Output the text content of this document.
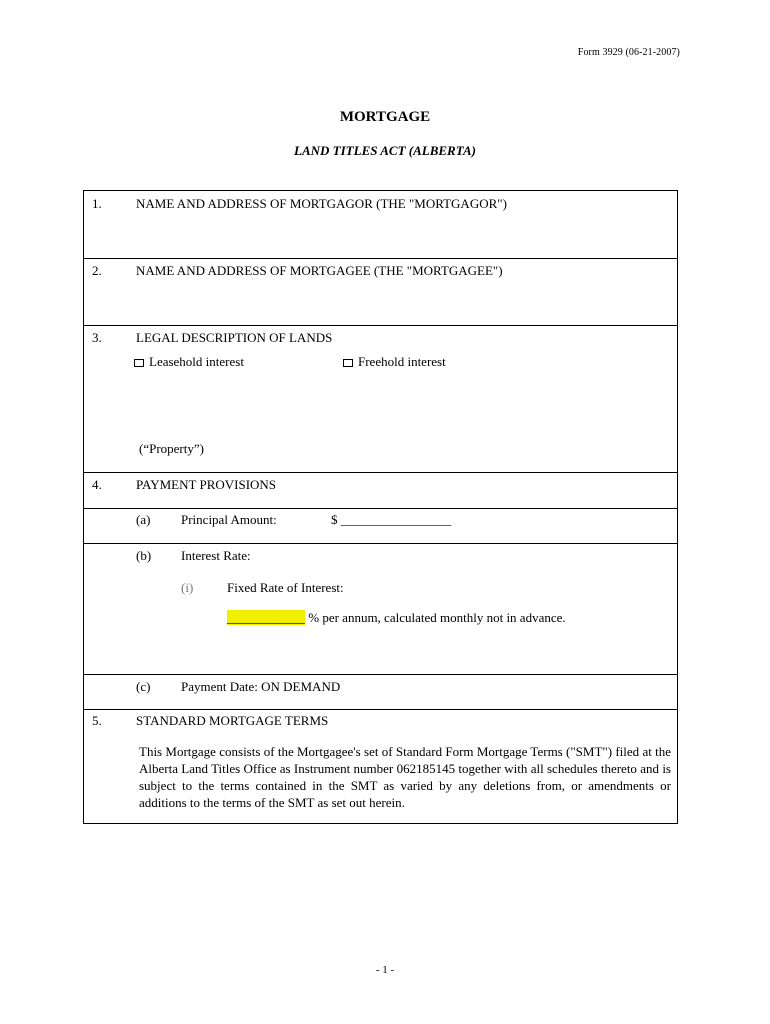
Form 3929 (06-21-2007)
MORTGAGE
LAND TITLES ACT (ALBERTA)
1.	NAME AND ADDRESS OF MORTGAGOR (THE "MORTGAGOR")
2.	NAME AND ADDRESS OF MORTGAGEE (THE "MORTGAGEE")
3.	LEGAL DESCRIPTION OF LANDS
Leasehold interest	Freehold interest
(“Property”)
4.	PAYMENT PROVISIONS
(a) Principal Amount:	$ _________________
(b) Interest Rate:
(i)	Fixed Rate of Interest:
____________ % per annum, calculated monthly not in advance.
(c) Payment Date: ON DEMAND
5.	STANDARD MORTGAGE TERMS
This Mortgage consists of the Mortgagee's set of Standard Form Mortgage Terms ("SMT") filed at the Alberta Land Titles Office as Instrument number 062185145 together with all schedules thereto and is subject to the terms contained in the SMT as varied by any deletions from, or amendments or additions to the terms of the SMT as set out herein.
- 1 -
